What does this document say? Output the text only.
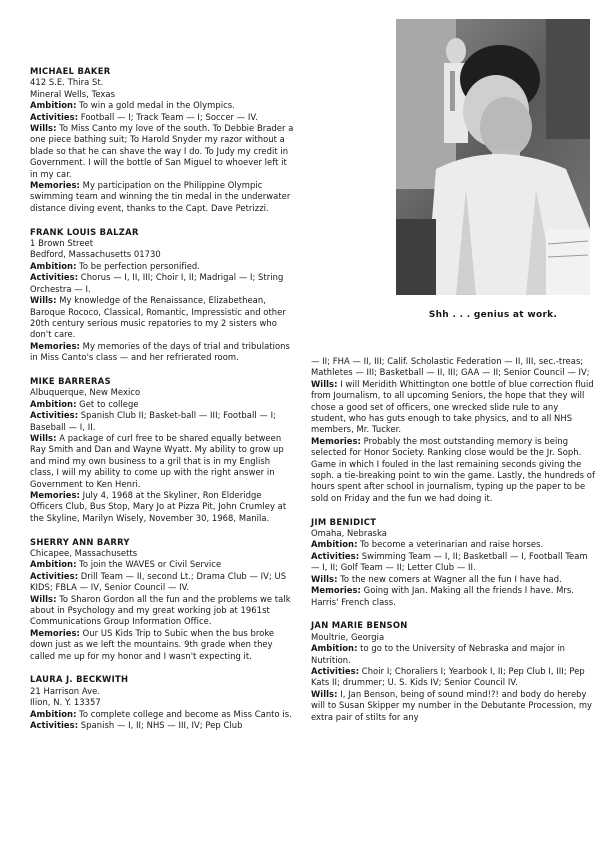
Shh . . . genius at work.
MICHAEL BAKER
412 S.E. Thira St.
Mineral Wells, Texas
Ambition: To win a gold medal in the Olympics.
Activities: Football — I; Track Team — I; Soccer — IV.
Wills: To Miss Canto my love of the south. To Debbie Brader a one piece bathing suit; To Harold Snyder my razor without a blade so that he can shave the way I do. To Judy my credit in Government. I will the bottle of San Miguel to whoever left it in my car.
Memories: My participation on the Philippine Olympic swimming team and winning the tin medal in the underwater distance diving event, thanks to the Capt. Dave Petrizzi.
FRANK LOUIS BALZAR
1 Brown Street
Bedford, Massachusetts 01730
Ambition: To be perfection personified.
Activities: Chorus — I, II, III; Choir I, II; Madrigal — I; String Orchestra — I.
Wills: My knowledge of the Renaissance, Elizabethean, Baroque Rococo, Classical, Romantic, Impressistic and other 20th century serious music repatories to my 2 sisters who don't care.
Memories: My memories of the days of trial and tribulations in Miss Canto's class — and her refrierated room.
MIKE BARRERAS
Albuquerque, New Mexico
Ambition: Get to college
Activities: Spanish Club II; Basket-ball — III; Football — I; Baseball — I, II.
Wills: A package of curl free to be shared equally between Ray Smith and Dan and Wayne Wyatt. My ability to grow up and mind my own business to a gril that is in my English class, I will my ability to come up with the right answer in Government to Ken Henri.
Memories: July 4, 1968 at the Skyliner, Ron Elderidge Officers Club, Bus Stop, Mary Jo at Pizza Pit, John Crumley at the Skyline, Marilyn Wisely, November 30, 1968, Manila.
SHERRY ANN BARRY
Chicapee, Massachusetts
Ambition: To join the WAVES or Civil Service
Activities: Drill Team — II, second Lt.; Drama Club — IV; US KIDS; FBLA — IV, Senior Council — IV.
Wills: To Sharon Gordon all the fun and the problems we talk about in Psychology and my great working job at 1961st Communications Group Information Office.
Memories: Our US Kids Trip to Subic when the bus broke down just as we left the mountains. 9th grade when they called me up for my honor and I wasn't expecting it.
LAURA J. BECKWITH
21 Harrison Ave.
Ilion, N. Y. 13357
Ambition: To complete college and become as Miss Canto is.
Activities: Spanish — I, II; NHS — III, IV; Pep Club
— II; FHA — II, III; Calif. Scholastic Federation — II, III, sec.-treas; Mathletes — III; Basketball — II, III; GAA — II; Senior Council — IV;
Wills: I will Meridith Whittington one bottle of blue correction fluid from Journalism, to all upcoming Seniors, the hope that they will chose a good set of officers, one wrecked slide rule to any student, who has guts enough to take physics, and to all NHS members, Mr. Tucker.
Memories: Probably the most outstanding memory is being selected for Honor Society. Ranking close would be the Jr. Soph. Game in which I fouled in the last remaining seconds giving the soph. a tie-breaking point to win the game. Lastly, the hundreds of hours spent after school in journalism, typing up the paper to be sold on Friday and the fun we had doing it.
JIM BENIDICT
Omaha, Nebraska
Ambition: To become a veterinarian and raise horses.
Activities: Swimming Team — I, II; Basketball — I, Football Team — I, II; Golf Team — II; Letter Club — II.
Wills: To the new comers at Wagner all the fun I have had.
Memories: Going with Jan. Making all the friends I have. Mrs. Harris' French class.
JAN MARIE BENSON
Moultrie, Georgia
Ambition: to go to the University of Nebraska and major in Nutrition.
Activities: Choir I; Choraliers I; Yearbook I, II; Pep Club I, III; Pep Kats II; drummer; U. S. Kids IV; Senior Council IV.
Wills: I, Jan Benson, being of sound mind!?! and body do hereby will to Susan Skipper my number in the Debutante Procession, my extra pair of stilts for any
